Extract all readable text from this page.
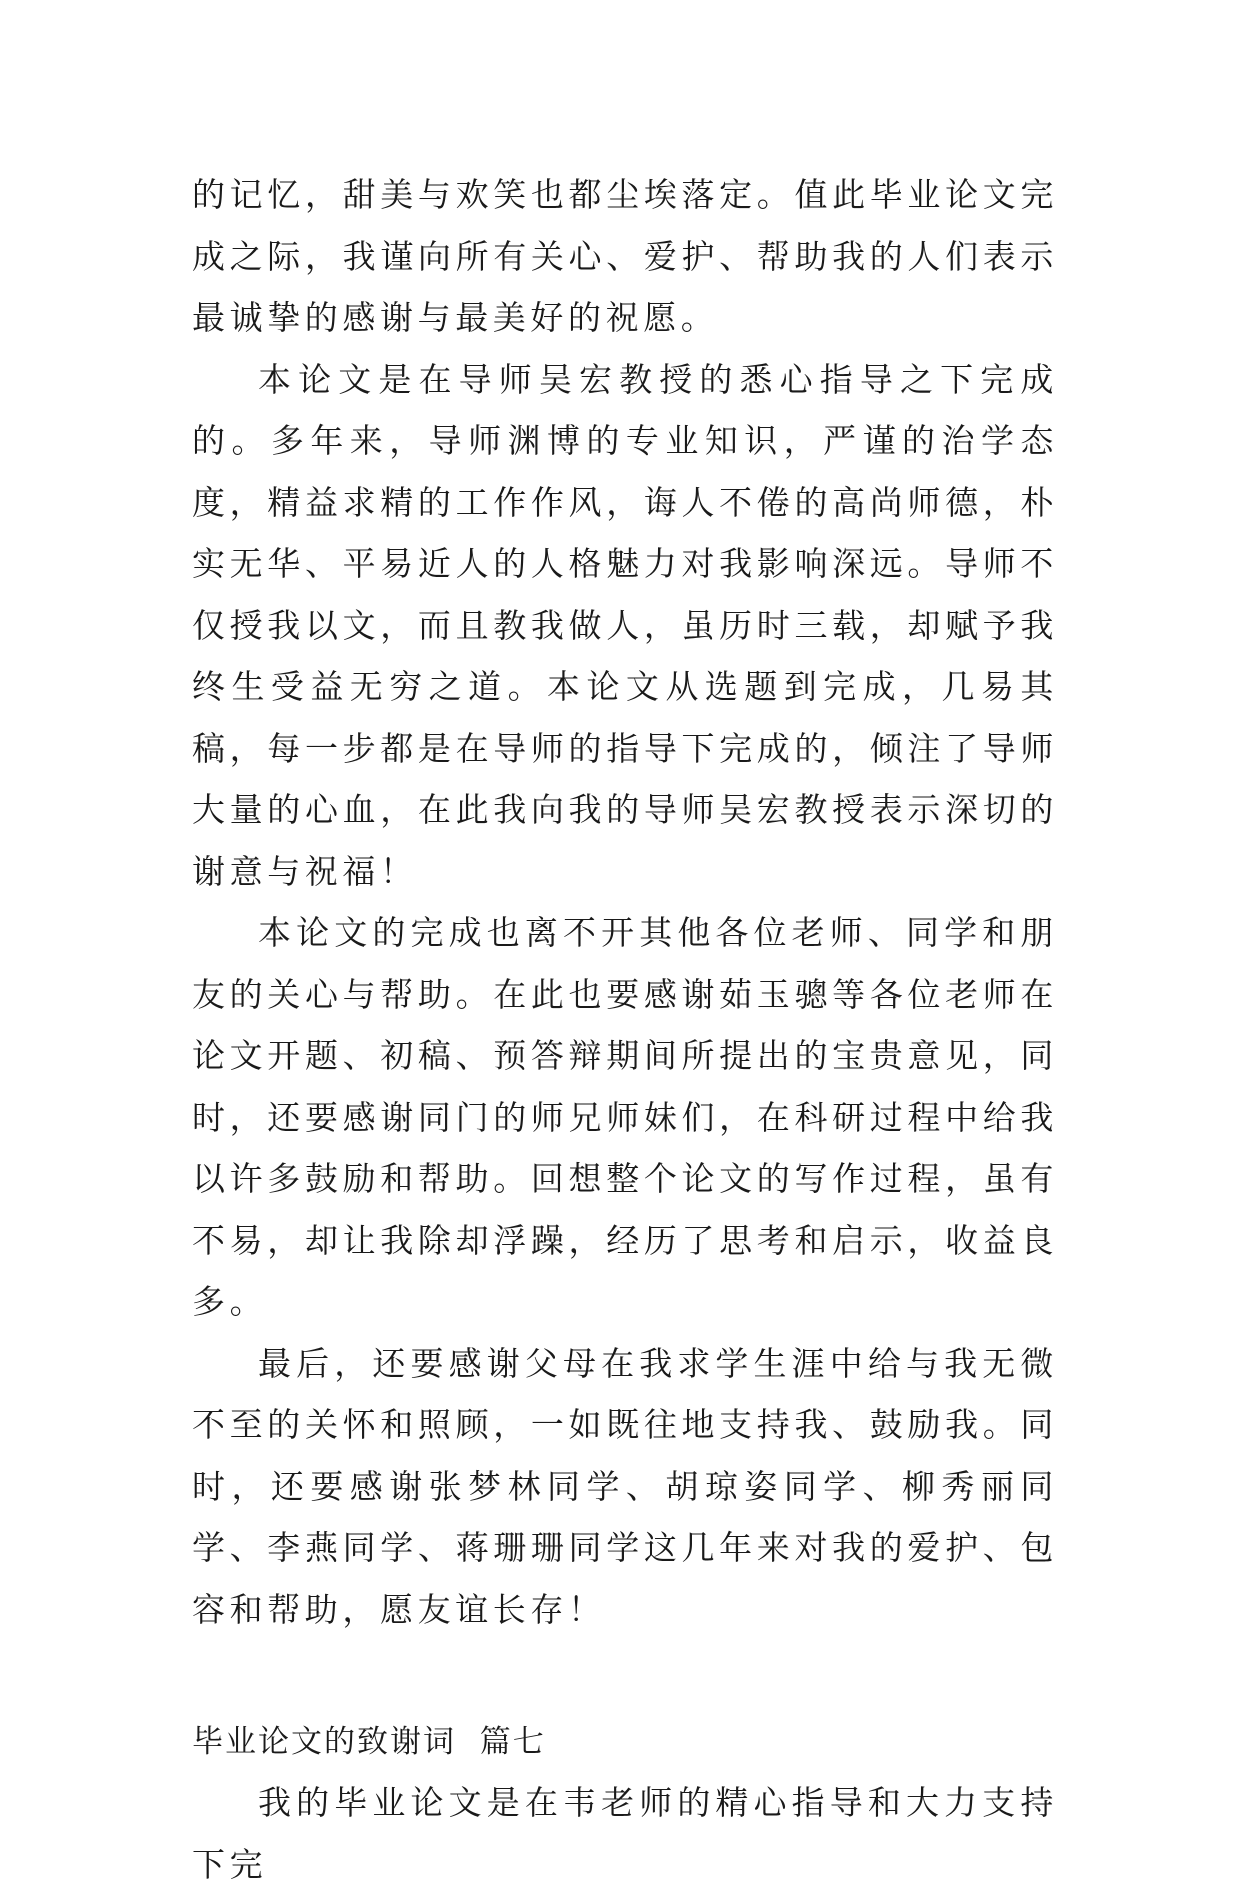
的记忆，甜美与欢笑也都尘埃落定。值此毕业论文完成之际，我谨向所有关心、爱护、帮助我的人们表示最诚挚的感谢与最美好的祝愿。

本论文是在导师吴宏教授的悉心指导之下完成的。多年来，导师渊博的专业知识，严谨的治学态度，精益求精的工作作风，诲人不倦的高尚师德，朴实无华、平易近人的人格魅力对我影响深远。导师不仅授我以文，而且教我做人，虽历时三载，却赋予我终生受益无穷之道。本论文从选题到完成，几易其稿，每一步都是在导师的指导下完成的，倾注了导师大量的心血，在此我向我的导师吴宏教授表示深切的谢意与祝福！

本论文的完成也离不开其他各位老师、同学和朋友的关心与帮助。在此也要感谢茹玉骢等各位老师在论文开题、初稿、预答辩期间所提出的宝贵意见，同时，还要感谢同门的师兄师妹们，在科研过程中给我以许多鼓励和帮助。回想整个论文的写作过程，虽有不易，却让我除却浮躁，经历了思考和启示，收益良多。

最后，还要感谢父母在我求学生涯中给与我无微不至的关怀和照顾，一如既往地支持我、鼓励我。同时，还要感谢张梦林同学、胡琼姿同学、柳秀丽同学、李燕同学、蒋珊珊同学这几年来对我的爱护、包容和帮助，愿友谊长存！

毕业论文的致谢词  篇七

我的毕业论文是在韦老师的精心指导和大力支持下完
